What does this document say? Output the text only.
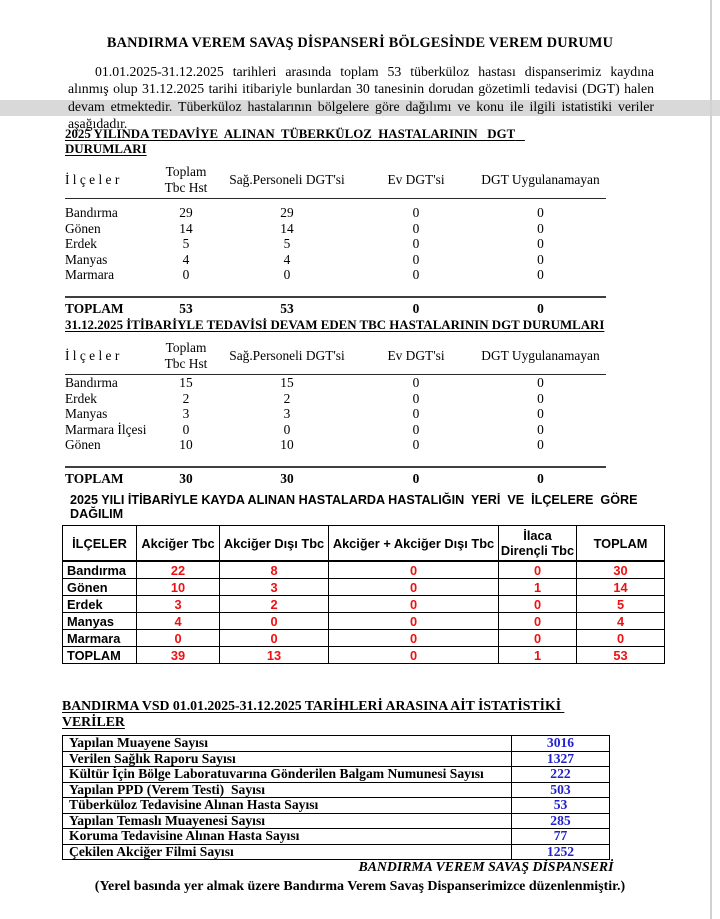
BANDIRMA VEREM SAVAŞ DİSPANSERİ BÖLGESİNDE VEREM DURUMU

01.01.2025-31.12.2025 tarihleri arasında toplam 53 tüberküloz hastası dispanserimiz kaydına alınmış olup 31.12.2025 tarihi itibariyle bunlardan 30 tanesinin dorudan gözetimli tedavisi (DGT) halen devam etmektedir. Tüberküloz hastalarının bölgelere göre dağılımı ve konu ile ilgili istatistiki veriler aşağıdadır.

2025 YILINDA TEDAVİYE  ALINAN  TÜBERKÜLOZ  HASTALARININ   DGT   DURUMLARI
İ l ç e l e r	Toplam Tbc Hst	Sağ.Personeli DGT'si	Ev DGT'si	DGT Uygulanamayan

Bandırma	29	29	0	0
Gönen	14	14	0	0
Erdek	5	5	0	0
Manyas	4	4	0	0
Marmara	0	0	0	0

TOPLAM	53	53	0	0
31.12.2025 İTİBARİYLE TEDAVİSİ DEVAM EDEN TBC HASTALARININ DGT DURUMLARI
İ l ç e l e r	Toplam Tbc Hst	Sağ.Personeli DGT'si	Ev DGT'si	DGT Uygulanamayan
Bandırma	15	15	0	0
Erdek	2	2	0	0
Manyas	3	3	0	0
Marmara İlçesi	0	0	0	0
Gönen	10	10	0	0

TOPLAM	30	30	0	0
2025 YILI İTİBARİYLE KAYDA ALINAN HASTALARDA HASTALIĞIN  YERİ  VE  İLÇELERE  GÖRE  DAĞILIM
İLÇELER	Akciğer Tbc	Akciğer Dışı Tbc	Akciğer + Akciğer Dışı Tbc	İlaca Dirençli Tbc	TOPLAM
Bandırma	22	8	0	0	30
Gönen	10	3	0	1	14
Erdek	3	2	0	0	5
Manyas	4	0	0	0	4
Marmara	0	0	0	0	0
TOPLAM	39	13	0	1	53
BANDIRMA VSD 01.01.2025-31.12.2025 TARİHLERİ ARASINA AİT İSTATİSTİKİ VERİLER
Yapılan Muayene Sayısı	3016
Verilen Sağlık Raporu Sayısı	1327
Kültür İçin Bölge Laboratuvarına Gönderilen Balgam Numunesi Sayısı	222
Yapılan PPD (Verem Testi)  Sayısı	503
Tüberküloz Tedavisine Alınan Hasta Sayısı	53
Yapılan Temaslı Muayenesi Sayısı	285
Koruma Tedavisine Alınan Hasta Sayısı	77
Çekilen Akciğer Filmi Sayısı	1252
BANDIRMA VEREM SAVAŞ DİSPANSERİ
(Yerel basında yer almak üzere Bandırma Verem Savaş Dispanserimizce düzenlenmiştir.)
